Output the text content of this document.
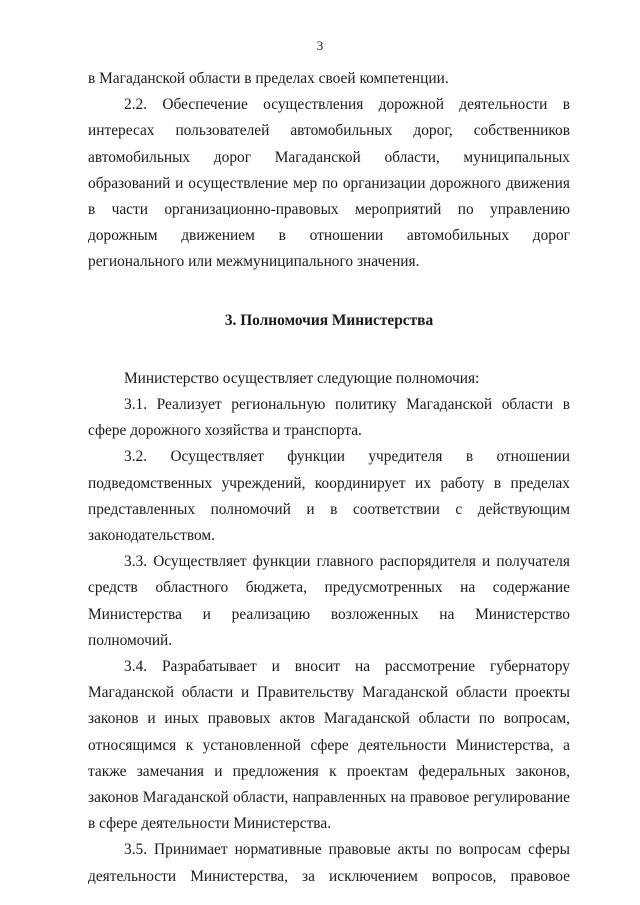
3

в Магаданской области в пределах своей компетенции.

2.2. Обеспечение осуществления дорожной деятельности в интересах пользователей автомобильных дорог, собственников автомобильных дорог Магаданской области, муниципальных образований и осуществление мер по организации дорожного движения в части организационно-правовых мероприятий по управлению дорожным движением в отношении автомобильных дорог регионального или межмуниципального значения.

3. Полномочия Министерства

Министерство осуществляет следующие полномочия:

3.1. Реализует региональную политику Магаданской области в сфере дорожного хозяйства и транспорта.

3.2. Осуществляет функции учредителя в отношении подведомственных учреждений, координирует их работу в пределах представленных полномочий и в соответствии с действующим законодательством.

3.3. Осуществляет функции главного распорядителя и получателя средств областного бюджета, предусмотренных на содержание Министерства и реализацию возложенных на Министерство полномочий.

3.4. Разрабатывает и вносит на рассмотрение губернатору Магаданской области и Правительству Магаданской области проекты законов и иных правовых актов Магаданской области по вопросам, относящимся к установленной сфере деятельности Министерства, а также замечания и предложения к проектам федеральных законов, законов Магаданской области, направленных на правовое регулирование в сфере деятельности Министерства.

3.5. Принимает нормативные правовые акты по вопросам сферы деятельности Министерства, за исключением вопросов, правовое
